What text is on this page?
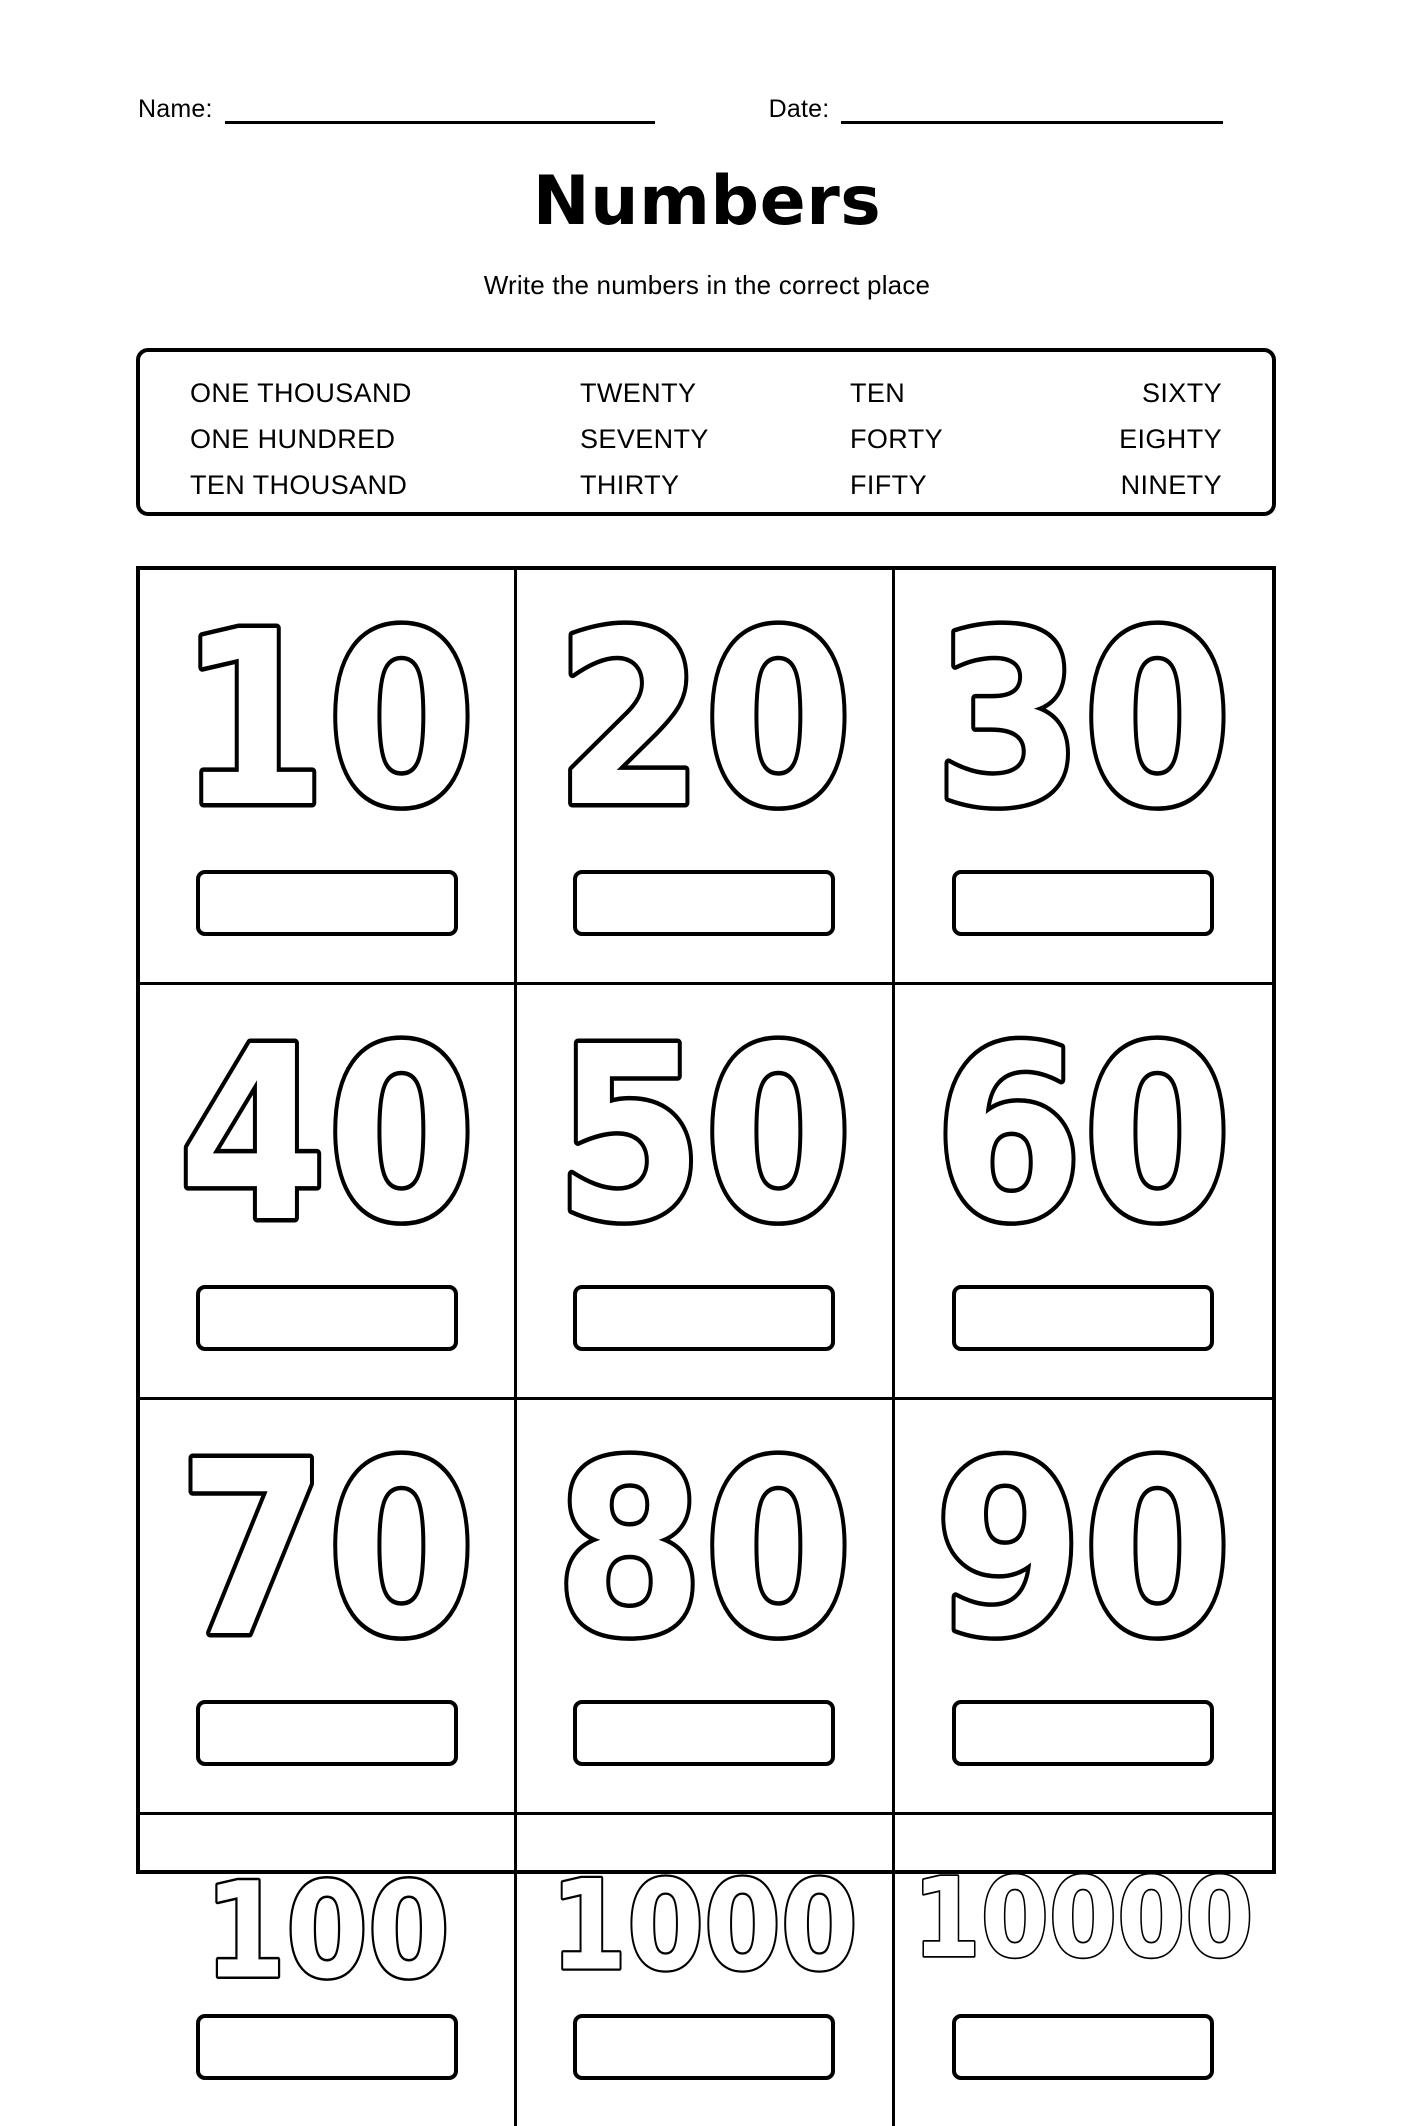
Name:	Date:
Numbers
Write the numbers in the correct place
ONE THOUSAND	TWENTY	TEN	SIXTY
ONE HUNDRED	SEVENTY	FORTY	EIGHTY
TEN THOUSAND	THIRTY	FIFTY	NINETY
10 20 30
40 50 60
70 80 90
100 1000 10000
